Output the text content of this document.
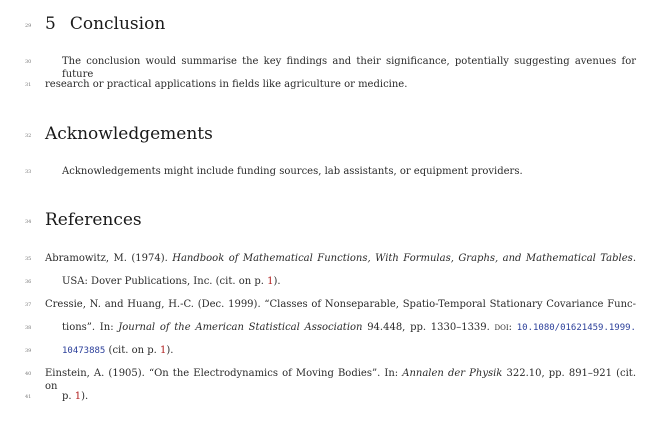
29
30
31
32
33
34
35
36
37
38
39
40
41
5 Conclusion
The conclusion would summarise the key findings and their significance, potentially suggesting avenues for future
research or practical applications in fields like agriculture or medicine.
Acknowledgements
Acknowledgements might include funding sources, lab assistants, or equipment providers.
References
Abramowitz, M. (1974). Handbook of Mathematical Functions, With Formulas, Graphs, and Mathematical Tables.
USA: Dover Publications, Inc. (cit. on p. 1).
Cressie, N. and Huang, H.-C. (Dec. 1999). “Classes of Nonseparable, Spatio-Temporal Stationary Covariance Func-
tions”. In: Journal of the American Statistical Association 94.448, pp. 1330–1339. doi: 10.1080/01621459.1999.
10473885 (cit. on p. 1).
Einstein, A. (1905). “On the Electrodynamics of Moving Bodies”. In: Annalen der Physik 322.10, pp. 891–921 (cit. on
p. 1).
